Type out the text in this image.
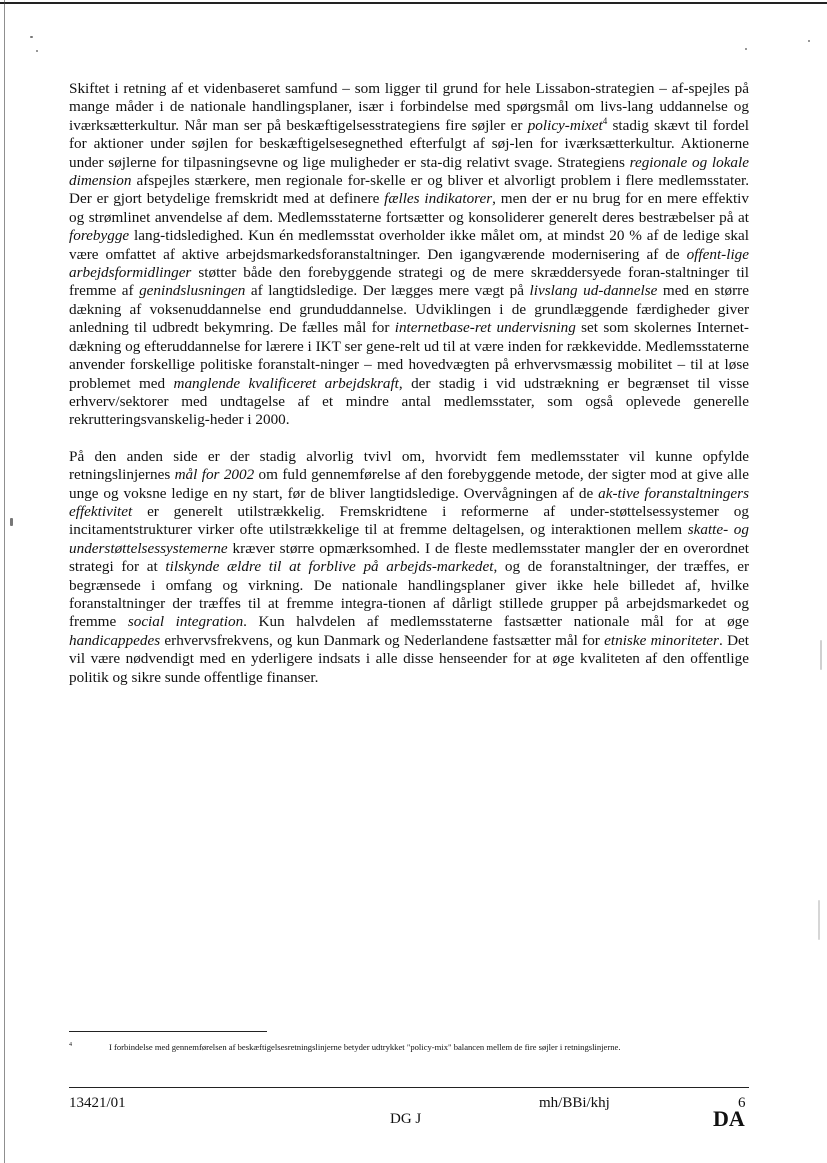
Skiftet i retning af et videnbaseret samfund – som ligger til grund for hele Lissabon-strategien – af-spejles på mange måder i de nationale handlingsplaner, især i forbindelse med spørgsmål om livs-lang uddannelse og iværksætterkultur. Når man ser på beskæftigelsesstrategiens fire søjler er policy-mixet$^4$ stadig skævt til fordel for aktioner under søjlen for beskæftigelsesegnethed efterfulgt af søj-len for iværksætterkultur. Aktionerne under søjlerne for tilpasningsevne og lige muligheder er sta-dig relativt svage. Strategiens regionale og lokale dimension afspejles stærkere, men regionale for-skelle er og bliver et alvorligt problem i flere medlemsstater. Der er gjort betydelige fremskridt med at definere fælles indikatorer, men der er nu brug for en mere effektiv og strømlinet anvendelse af dem. Medlemsstaterne fortsætter og konsoliderer generelt deres bestræbelser på at forebygge lang-tidsledighed. Kun én medlemsstat overholder ikke målet om, at mindst 20 % af de ledige skal være omfattet af aktive arbejdsmarkedsforanstaltninger. Den igangværende modernisering af de offent-lige arbejdsformidlinger støtter både den forebyggende strategi og de mere skræddersyede foran-staltninger til fremme af genindslusningen af langtidsledige. Der lægges mere vægt på livslang ud-dannelse med en større dækning af voksenuddannelse end grunduddannelse. Udviklingen i de grundlæggende færdigheder giver anledning til udbredt bekymring. De fælles mål for internetbase-ret undervisning set som skolernes Internet-dækning og efteruddannelse for lærere i IKT ser gene-relt ud til at være inden for rækkevidde. Medlemsstaterne anvender forskellige politiske foranstalt-ninger – med hovedvægten på erhvervsmæssig mobilitet – til at løse problemet med manglende kvalificeret arbejdskraft, der stadig i vid udstrækning er begrænset til visse erhverv/sektorer med undtagelse af et mindre antal medlemsstater, som også oplevede generelle rekrutteringsvanskelig-heder i 2000.

På den anden side er der stadig alvorlig tvivl om, hvorvidt fem medlemsstater vil kunne opfylde retningslinjernes mål for 2002 om fuld gennemførelse af den forebyggende metode, der sigter mod at give alle unge og voksne ledige en ny start, før de bliver langtidsledige. Overvågningen af de ak-tive foranstaltningers effektivitet er generelt utilstrækkelig. Fremskridtene i reformerne af under-støttelsessystemer og incitamentstrukturer virker ofte utilstrækkelige til at fremme deltagelsen, og interaktionen mellem skatte- og understøttelsessystemerne kræver større opmærksomhed. I de fleste medlemsstater mangler der en overordnet strategi for at tilskynde ældre til at forblive på arbejds-markedet, og de foranstaltninger, der træffes, er begrænsede i omfang og virkning. De nationale handlingsplaner giver ikke hele billedet af, hvilke foranstaltninger der træffes til at fremme integra-tionen af dårligt stillede grupper på arbejdsmarkedet og fremme social integration. Kun halvdelen af medlemsstaterne fastsætter nationale mål for at øge handicappedes erhvervsfrekvens, og kun Danmark og Nederlandene fastsætter mål for etniske minoriteter. Det vil være nødvendigt med en yderligere indsats i alle disse henseender for at øge kvaliteten af den offentlige politik og sikre sunde offentlige finanser.

4	I forbindelse med gennemførelsen af beskæftigelsesretningslinjerne betyder udtrykket "policy-mix" balancen mellem de fire søjler i retningslinjerne.
13421/01	mh/BBi/khj	6
DG J	DA
